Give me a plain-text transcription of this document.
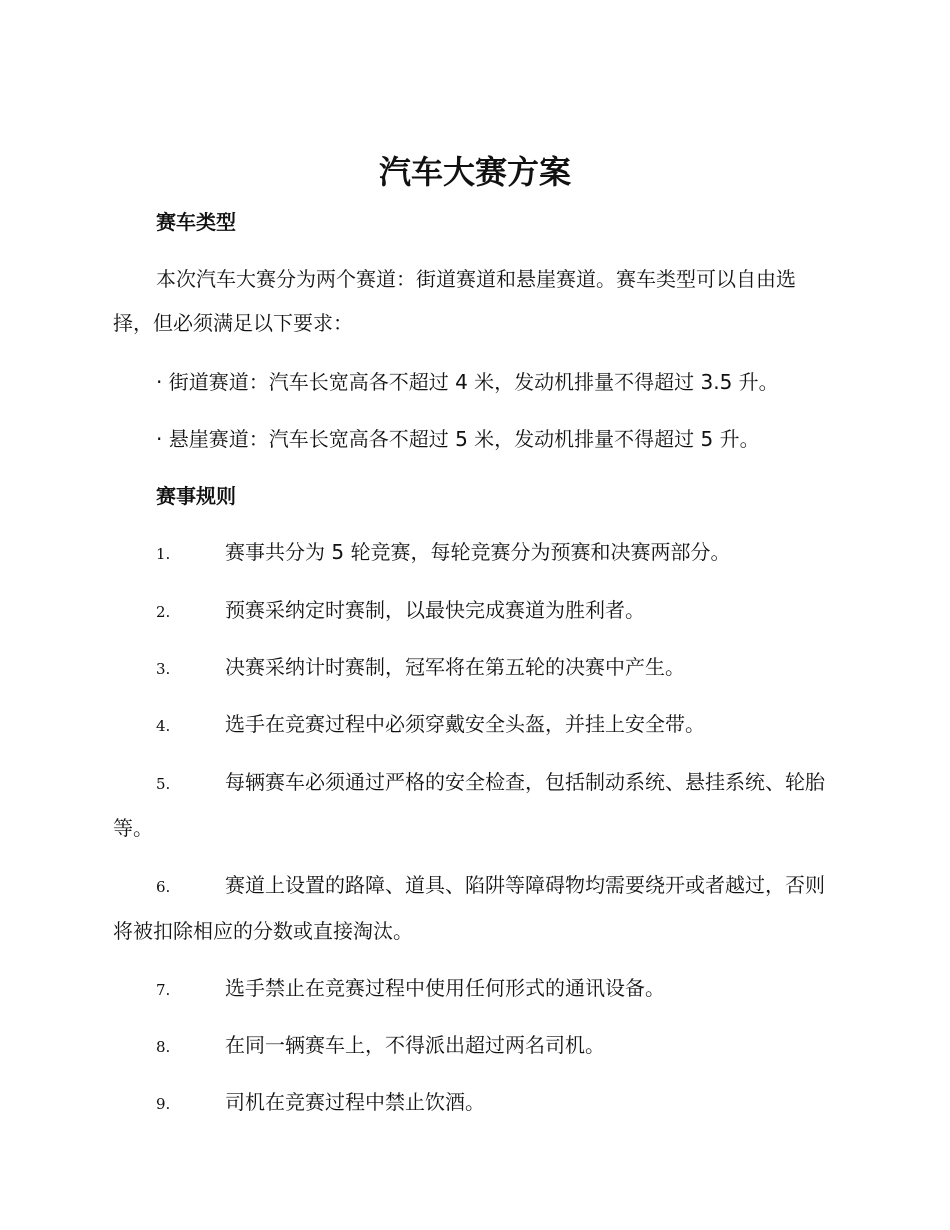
汽车大赛方案
赛车类型

本次汽车大赛分为两个赛道：街道赛道和悬崖赛道。赛车类型可以自由选择，但必须满足以下要求：

· 街道赛道：汽车长宽高各不超过 4 米，发动机排量不得超过 3.5 升。

· 悬崖赛道：汽车长宽高各不超过 5 米，发动机排量不得超过 5 升。

赛事规则

1.	赛事共分为 5 轮竞赛，每轮竞赛分为预赛和决赛两部分。

2.	预赛采纳定时赛制，以最快完成赛道为胜利者。

3.	决赛采纳计时赛制，冠军将在第五轮的决赛中产生。

4.	选手在竞赛过程中必须穿戴安全头盔，并挂上安全带。

5.	每辆赛车必须通过严格的安全检查，包括制动系统、悬挂系统、轮胎等。

6.	赛道上设置的路障、道具、陷阱等障碍物均需要绕开或者越过，否则将被扣除相应的分数或直接淘汰。

7.	选手禁止在竞赛过程中使用任何形式的通讯设备。

8.	在同一辆赛车上，不得派出超过两名司机。

9.	司机在竞赛过程中禁止饮酒。
